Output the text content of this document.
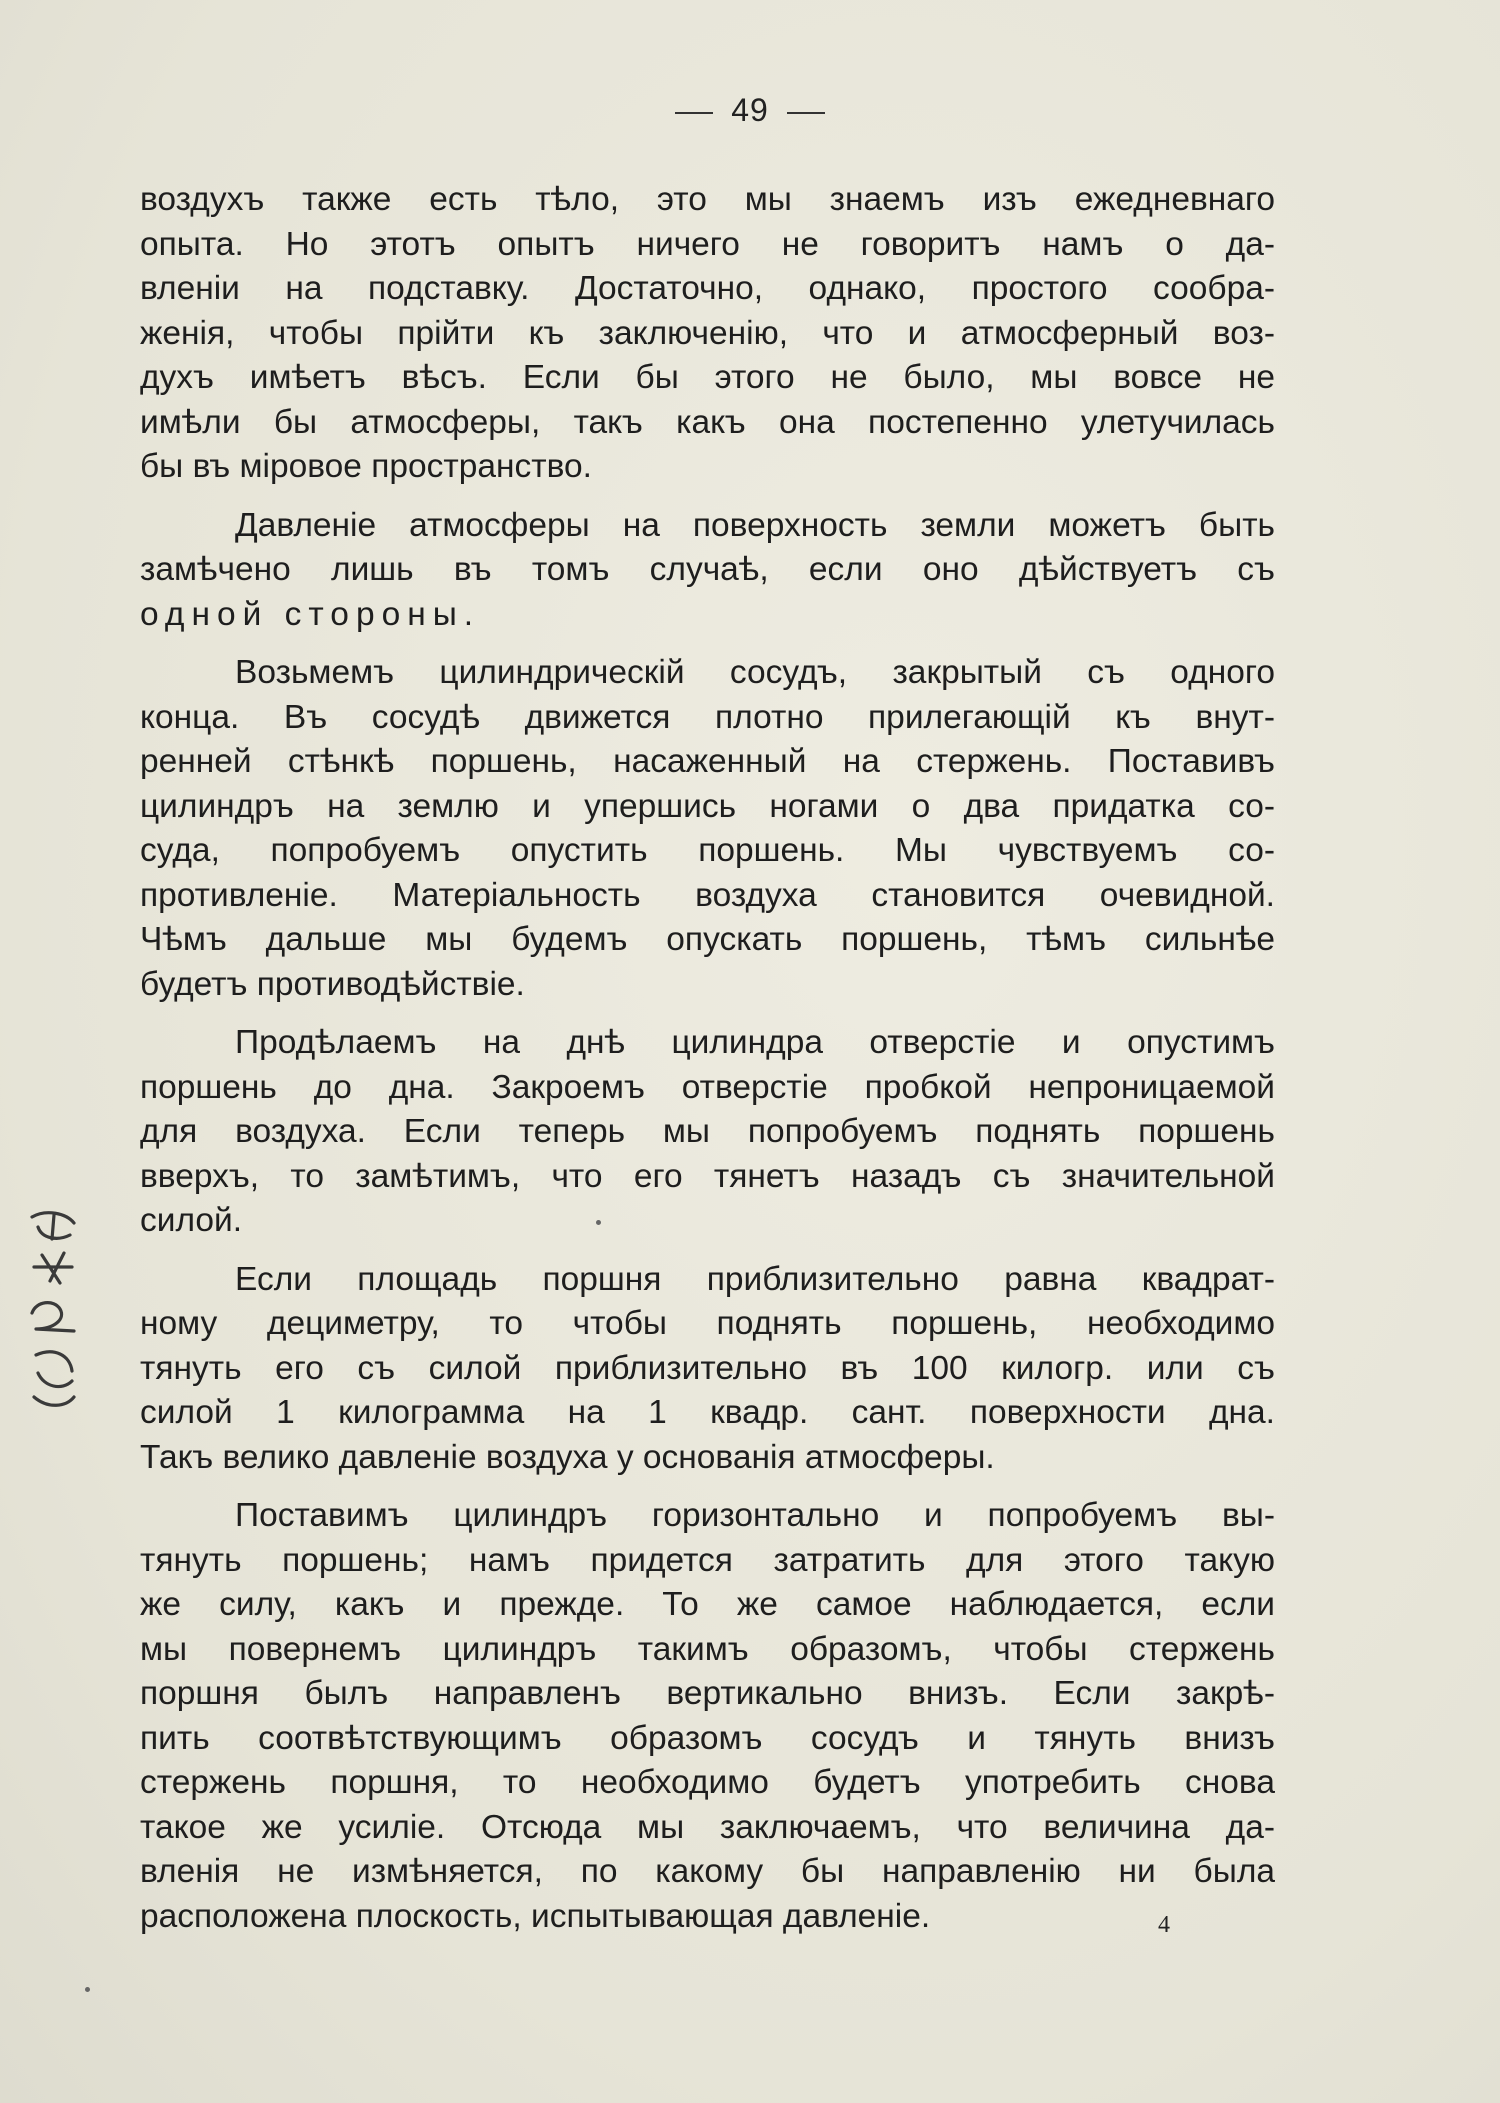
49
воздухъ также есть тѣло, это мы знаемъ изъ ежедневнаго
опыта. Но этотъ опытъ ничего не говоритъ намъ о да-
вленіи на подставку. Достаточно, однако, простого сообра-
женія, чтобы прійти къ заключенію, что и атмосферный воз-
духъ имѣетъ вѣсъ. Если бы этого не было, мы вовсе не
имѣли бы атмосферы, такъ какъ она постепенно улетучилась
бы въ міровое пространство.
Давленіе атмосферы на поверхность земли можетъ быть
замѣчено лишь въ томъ случаѣ, если оно дѣйствуетъ съ
одной стороны.
Возьмемъ цилиндрическій сосудъ, закрытый съ одного
конца. Въ сосудѣ движется плотно прилегающій къ внут-
ренней стѣнкѣ поршень, насаженный на стержень. Поставивъ
цилиндръ на землю и упершись ногами о два придатка со-
суда, попробуемъ опустить поршень. Мы чувствуемъ со-
противленіе. Матеріальность воздуха становится очевидной.
Чѣмъ дальше мы будемъ опускать поршень, тѣмъ сильнѣе
будетъ противодѣйствіе.
Продѣлаемъ на днѣ цилиндра отверстіе и опустимъ
поршень до дна. Закроемъ отверстіе пробкой непроницаемой
для воздуха. Если теперь мы попробуемъ поднять поршень
вверхъ, то замѣтимъ, что его тянетъ назадъ съ значительной
силой.
Если площадь поршня приблизительно равна квадрат-
ному дециметру, то чтобы поднять поршень, необходимо
тянуть его съ силой приблизительно въ 100 килогр. или съ
силой 1 килограмма на 1 квадр. сант. поверхности дна.
Такъ велико давленіе воздуха у основанія атмосферы.
Поставимъ цилиндръ горизонтально и попробуемъ вы-
тянуть поршень; намъ придется затратить для этого такую
же силу, какъ и прежде. То же самое наблюдается, если
мы повернемъ цилиндръ такимъ образомъ, чтобы стержень
поршня былъ направленъ вертикально внизъ. Если закрѣ-
пить соотвѣтствующимъ образомъ сосудъ и тянуть внизъ
стержень поршня, то необходимо будетъ употребить снова
такое же усиліе. Отсюда мы заключаемъ, что величина да-
вленія не измѣняется, по какому бы направленію ни была
расположена плоскость, испытывающая давленіе.	4
